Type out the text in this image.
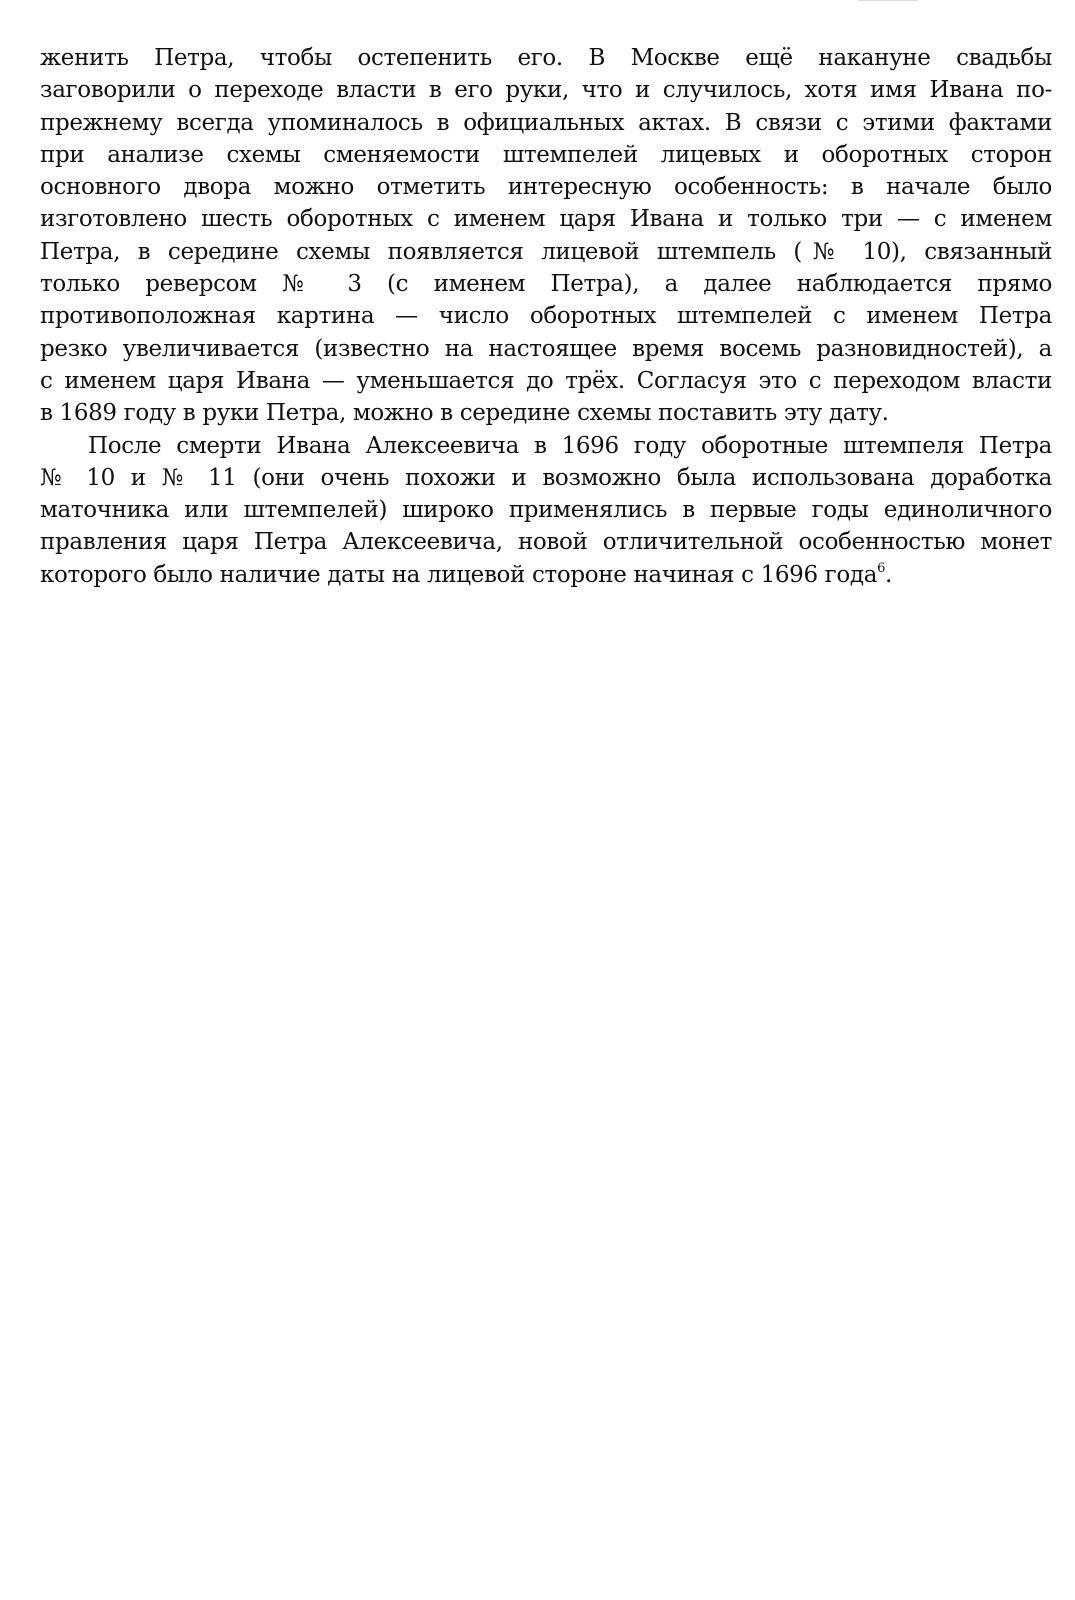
женить Петра, чтобы остепенить его. В Москве ещё накануне свадьбы
заговорили о переходе власти в его руки, что и случилось, хотя имя Ивана по-
прежнему всегда упоминалось в официальных актах. В связи с этими фактами
при анализе схемы сменяемости штемпелей лицевых и оборотных сторон
основного двора можно отметить интересную особенность: в начале было
изготовлено шесть оборотных с именем царя Ивана и только три — с именем
Петра, в середине схемы появляется лицевой штемпель (№ 10), связанный
только реверсом № 3 (с именем Петра), а далее наблюдается прямо
противоположная картина — число оборотных штемпелей с именем Петра
резко увеличивается (известно на настоящее время восемь разновидностей), а
с именем царя Ивана — уменьшается до трёх. Согласуя это с переходом власти
в 1689 году в руки Петра, можно в середине схемы поставить эту дату.
После смерти Ивана Алексеевича в 1696 году оборотные штемпеля Петра
№ 10 и № 11 (они очень похожи и возможно была использована доработка
маточника или штемпелей) широко применялись в первые годы единоличного
правления царя Петра Алексеевича, новой отличительной особенностью монет
которого было наличие даты на лицевой стороне начиная с 1696 года$^6$.
